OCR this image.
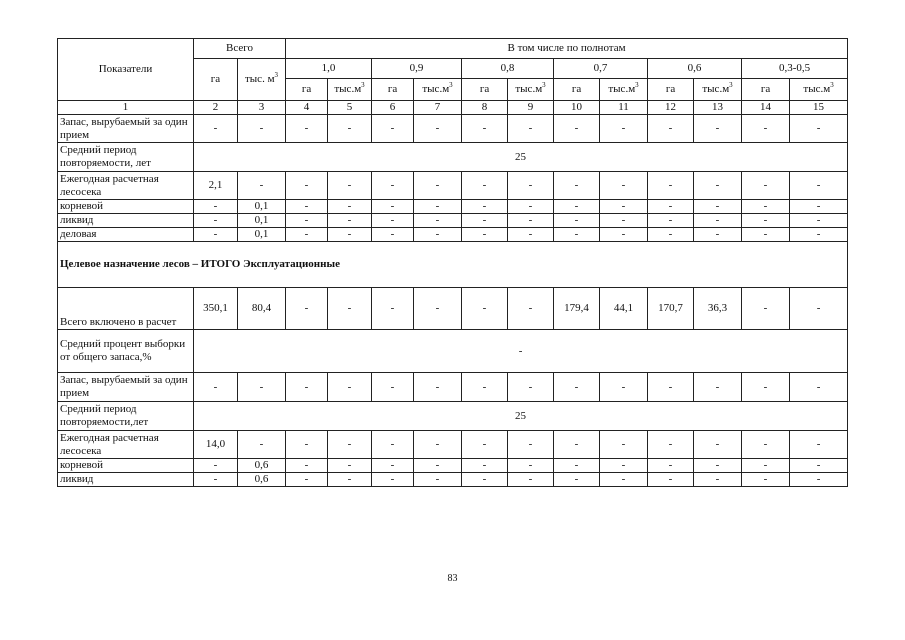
Показатели	Всего		В том числе по полнотам											
	га	тыс. $м^3$	1,0		0,9		0,8		0,7		0,6		0,3-0,5	
			га	$тыс.м^3$	га	$тыс.м^3$	га	$тыс.м^3$	га	$тыс.м^3$	га	$тыс.м^3$	га	$тыс.м^3$
1	2	3	4	5	6	7	8	9	10	11	12	13	14	15
Запас, вырубаемый за один прием	-	-	-	-	-	-	-	-	-	-	-	-	-	-
Средний период повторяемости, лет	25													
Ежегодная расчетная лесосека	2,1	-	-	-	-	-	-	-	-	-	-	-	-	-
корневой	-	0,1	-	-	-	-	-	-	-	-	-	-	-	-
ликвид	-	0,1	-	-	-	-	-	-	-	-	-	-	-	-
деловая	-	0,1	-	-	-	-	-	-	-	-	-	-	-	-
Целевое назначение лесов – ИТОГО Эксплуатационные														
Всего включено в расчет	350,1	80,4	-	-	-	-	-	-	179,4	44,1	170,7	36,3	-	-
Средний процент выборки от общего запаса,%	-													
Запас, вырубаемый за один прием	-	-	-	-	-	-	-	-	-	-	-	-	-	-
Средний период повторяемости,лет	25													
Ежегодная расчетная лесосека	14,0	-	-	-	-	-	-	-	-	-	-	-	-	-
корневой	-	0,6	-	-	-	-	-	-	-	-	-	-	-	-
ликвид	-	0,6	-	-	-	-	-	-	-	-	-	-	-	-
83
